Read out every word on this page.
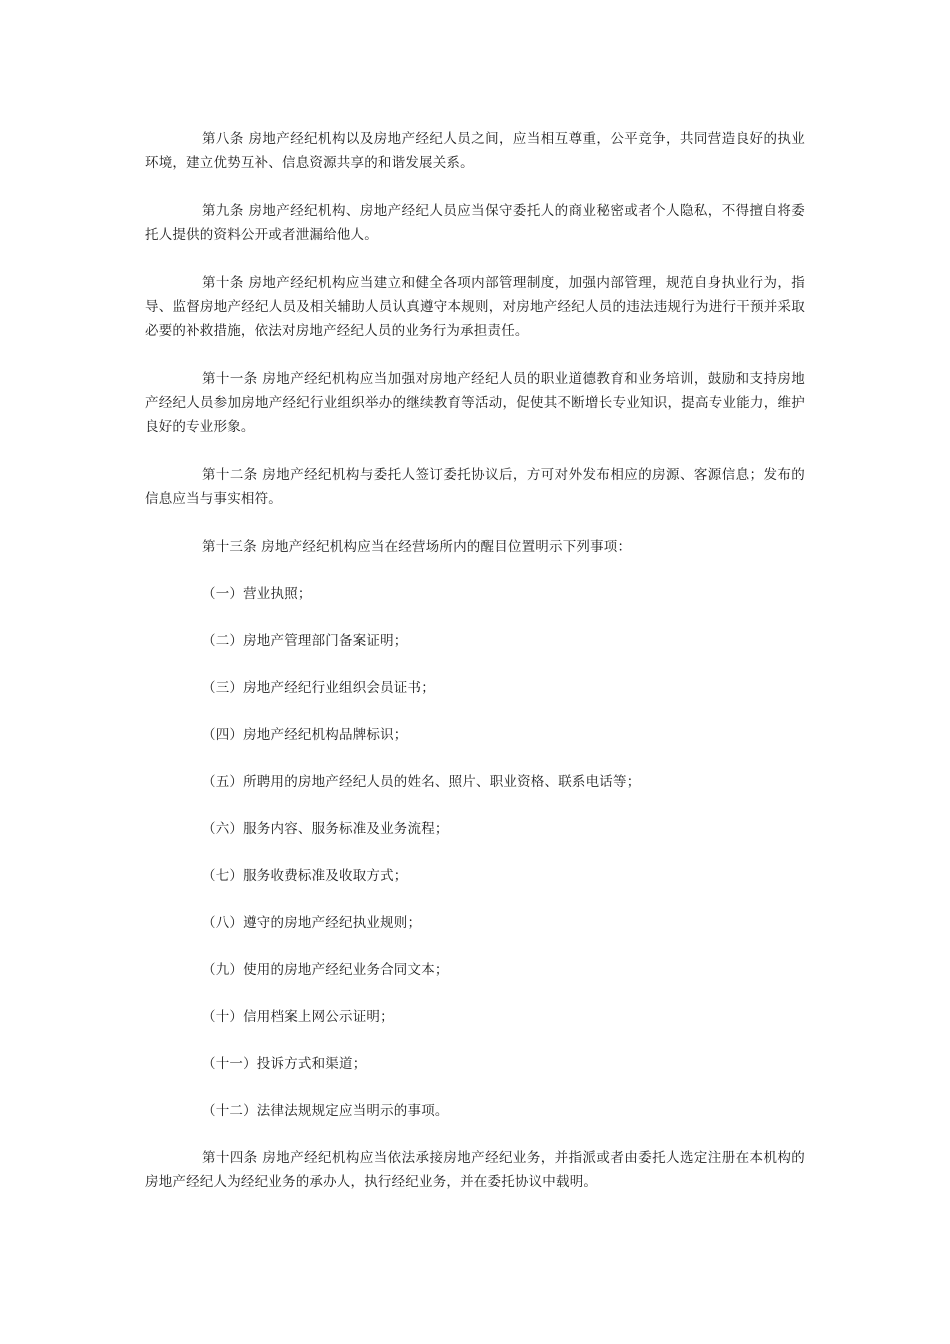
第八条 房地产经纪机构以及房地产经纪人员之间，应当相互尊重，公平竞争，共同营造良好的执业环境，建立优势互补、信息资源共享的和谐发展关系。

第九条 房地产经纪机构、房地产经纪人员应当保守委托人的商业秘密或者个人隐私，不得擅自将委托人提供的资料公开或者泄漏给他人。

第十条 房地产经纪机构应当建立和健全各项内部管理制度，加强内部管理，规范自身执业行为，指导、监督房地产经纪人员及相关辅助人员认真遵守本规则，对房地产经纪人员的违法违规行为进行干预并采取必要的补救措施，依法对房地产经纪人员的业务行为承担责任。

第十一条 房地产经纪机构应当加强对房地产经纪人员的职业道德教育和业务培训，鼓励和支持房地产经纪人员参加房地产经纪行业组织举办的继续教育等活动，促使其不断增长专业知识，提高专业能力，维护良好的专业形象。

第十二条 房地产经纪机构与委托人签订委托协议后，方可对外发布相应的房源、客源信息；发布的信息应当与事实相符。

第十三条 房地产经纪机构应当在经营场所内的醒目位置明示下列事项：

（一）营业执照；

（二）房地产管理部门备案证明；

（三）房地产经纪行业组织会员证书；

（四）房地产经纪机构品牌标识；

（五）所聘用的房地产经纪人员的姓名、照片、职业资格、联系电话等；

（六）服务内容、服务标准及业务流程；

（七）服务收费标准及收取方式；

（八）遵守的房地产经纪执业规则；

（九）使用的房地产经纪业务合同文本；

（十）信用档案上网公示证明；

（十一）投诉方式和渠道；

（十二）法律法规规定应当明示的事项。

第十四条 房地产经纪机构应当依法承接房地产经纪业务，并指派或者由委托人选定注册在本机构的房地产经纪人为经纪业务的承办人，执行经纪业务，并在委托协议中载明。
